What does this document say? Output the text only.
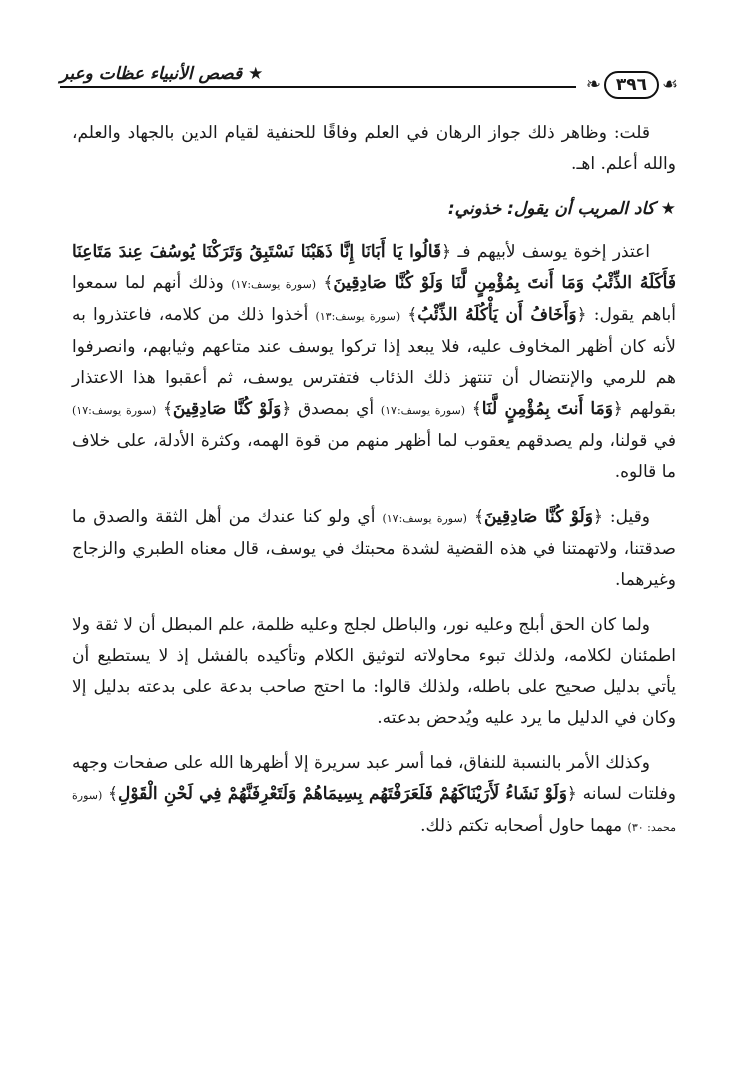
★قصص الأنبياء عظات وعبر	❧ ٣٩٦ ☙

قلت: وظاهر ذلك جواز الرهان في العلم وفاقًا للحنفية لقيام الدين بالجهاد والعلم، والله أعلم. اهـ.

★كاد المريب أن يقول: خذوني:

اعتذر إخوة يوسف لأبيهم فـ ﴿قَالُوا يَا أَبَانَا إِنَّا ذَهَبْنَا نَسْتَبِقُ وَتَرَكْنَا يُوسُفَ عِندَ مَتَاعِنَا فَأَكَلَهُ الذِّئْبُ وَمَا أَنتَ بِمُؤْمِنٍ لَّنَا وَلَوْ كُنَّا صَادِقِينَ﴾ (سورة يوسف:١٧) وذلك أنهم لما سمعوا أباهم يقول: ﴿وَأَخَافُ أَن يَأْكُلَهُ الذِّئْبُ﴾ (سورة يوسف:١٣) أخذوا ذلك من كلامه، فاعتذروا به لأنه كان أظهر المخاوف عليه، فلا يبعد إذا تركوا يوسف عند متاعهم وثيابهم، وانصرفوا هم للرمي والإنتضال أن تنتهز ذلك الذئاب فتفترس يوسف، ثم أعقبوا هذا الاعتذار بقولهم ﴿وَمَا أَنتَ بِمُؤْمِنٍ لَّنَا﴾ (سورة يوسف:١٧) أي بمصدق ﴿وَلَوْ كُنَّا صَادِقِينَ﴾ (سورة يوسف:١٧) في قولنا، ولم يصدقهم يعقوب لما أظهر منهم من قوة الهمه، وكثرة الأدلة، على خلاف ما قالوه.

وقيل: ﴿وَلَوْ كُنَّا صَادِقِينَ﴾ (سورة يوسف:١٧) أي ولو كنا عندك من أهل الثقة والصدق ما صدقتنا، ولاتهمتنا في هذه القضية لشدة محبتك في يوسف، قال معناه الطبري والزجاج وغيرهما.

ولما كان الحق أبلج وعليه نور، والباطل لجلج وعليه ظلمة، علم المبطل أن لا ثقة ولا اطمئنان لكلامه، ولذلك تبوء محاولاته لتوثيق الكلام وتأكيده بالفشل إذ لا يستطيع أن يأتي بدليل صحيح على باطله، ولذلك قالوا: ما احتج صاحب بدعة على بدعته بدليل إلا وكان في الدليل ما يرد عليه ويُدحض بدعته.

وكذلك الأمر بالنسبة للنفاق، فما أسر عبد سريرة إلا أظهرها الله على صفحات وجهه وفلتات لسانه ﴿وَلَوْ نَشَاءُ لَأَرَيْنَاكَهُمْ فَلَعَرَفْتَهُم بِسِيمَاهُمْ وَلَتَعْرِفَنَّهُمْ فِي لَحْنِ الْقَوْلِ﴾ (سورة محمد: ٣٠) مهما حاول أصحابه تكتم ذلك.
